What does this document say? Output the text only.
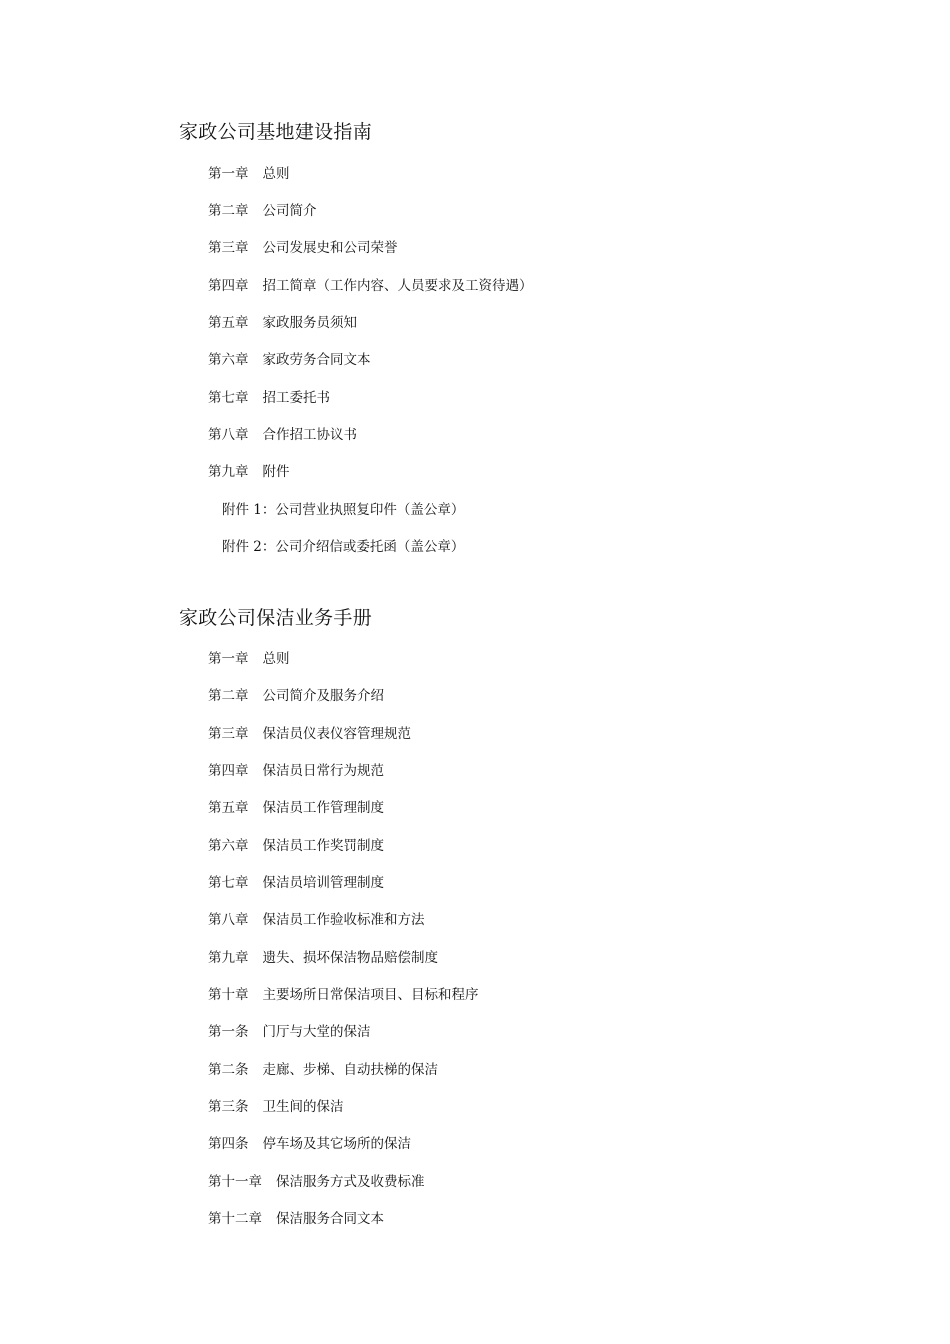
家政公司基地建设指南
第一章 总则
第二章 公司简介
第三章 公司发展史和公司荣誉
第四章 招工简章（工作内容、人员要求及工资待遇）
第五章 家政服务员须知
第六章 家政劳务合同文本
第七章 招工委托书
第八章 合作招工协议书
第九章 附件
附件 1：公司营业执照复印件（盖公章）
附件 2：公司介绍信或委托函（盖公章）
家政公司保洁业务手册
第一章 总则
第二章 公司简介及服务介绍
第三章 保洁员仪表仪容管理规范
第四章 保洁员日常行为规范
第五章 保洁员工作管理制度
第六章 保洁员工作奖罚制度
第七章 保洁员培训管理制度
第八章 保洁员工作验收标准和方法
第九章 遗失、损坏保洁物品赔偿制度
第十章 主要场所日常保洁项目、目标和程序
第一条 门厅与大堂的保洁
第二条 走廊、步梯、自动扶梯的保洁
第三条 卫生间的保洁
第四条 停车场及其它场所的保洁
第十一章 保洁服务方式及收费标准
第十二章 保洁服务合同文本
